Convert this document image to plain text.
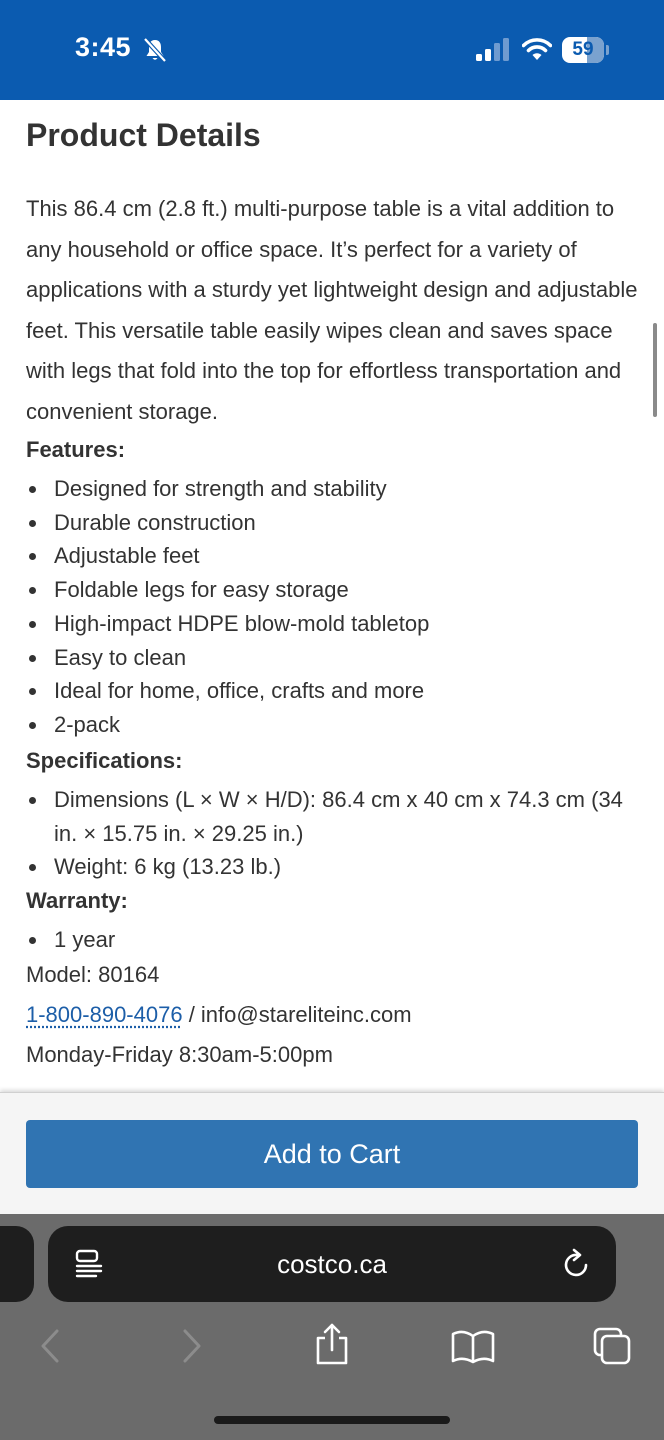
3:45	59
Product Details

This 86.4 cm (2.8 ft.) multi-purpose table is a vital addition to any household or office space. It’s perfect for a variety of applications with a sturdy yet lightweight design and adjustable feet. This versatile table easily wipes clean and saves space with legs that fold into the top for effortless transportation and convenient storage.

Features:
Designed for strength and stability
Durable construction
Adjustable feet
Foldable legs for easy storage
High-impact HDPE blow-mold tabletop
Easy to clean
Ideal for home, office, crafts and more
2-pack
Specifications:
Dimensions (L × W × H/D): 86.4 cm x 40 cm x 74.3 cm (34 in. × 15.75 in. × 29.25 in.)
Weight: 6 kg (13.23 lb.)
Warranty:
1 year
Model: 80164
1-800-890-4076 / info@stareliteinc.com
Monday-Friday 8:30am-5:00pm
Add to Cart
costco.ca
